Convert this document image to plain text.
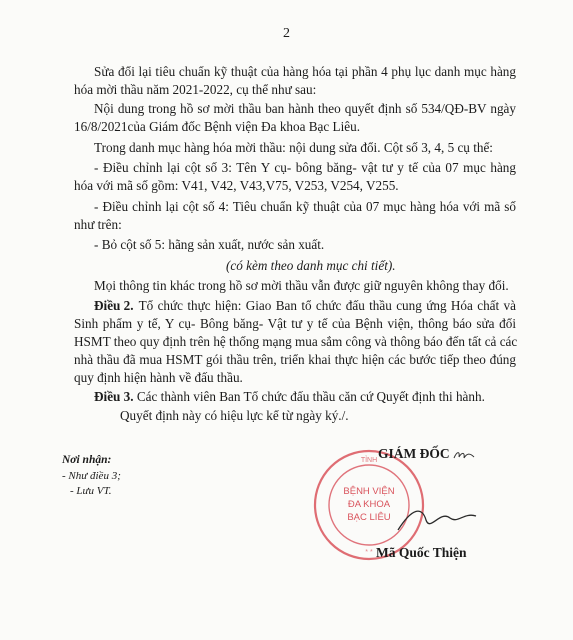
2
Sửa đổi lại tiêu chuẩn kỹ thuật của hàng hóa tại phần 4 phụ lục danh mục hàng
hóa mời thầu năm 2021-2022, cụ thể như sau:
Nội dung trong hồ sơ mời thầu ban hành theo quyết định số 534/QĐ-BV ngày
16/8/2021của Giám đốc Bệnh viện Đa khoa Bạc Liêu.
Trong danh mục hàng hóa mời thầu: nội dung sửa đổi. Cột số 3, 4, 5 cụ thể:
- Điều chỉnh lại cột số 3: Tên Y cụ- bông băng- vật tư y tế của 07 mục hàng
hóa với mã số gồm: V41, V42, V43,V75, V253, V254, V255.
- Điều chỉnh lại cột số 4: Tiêu chuẩn kỹ thuật của 07 mục hàng hóa với mã số
như trên:
- Bỏ cột số 5: hãng sản xuất, nước sản xuất.
(có kèm theo danh mục chi tiết).
Mọi thông tin khác trong hồ sơ mời thầu vẫn được giữ nguyên không thay đổi.
Điều 2. Tổ chức thực hiện: Giao Ban tổ chức đấu thầu cung ứng Hóa chất và
Sinh phẩm y tế, Y cụ- Bông băng- Vật tư y tế của Bệnh viện, thông báo sửa đổi
HSMT theo quy định trên hệ thống mạng mua sắm công và thông báo đến tất cả các
nhà thầu đã mua HSMT gói thầu trên, triển khai thực hiện các bước tiếp theo đúng
quy định hiện hành về đấu thầu.
Điều 3. Các thành viên Ban Tổ chức đấu thầu căn cứ Quyết định thi hành.
Quyết định này có hiệu lực kể từ ngày ký./.
Nơi nhận:
- Như điều 3;
- Lưu VT.
TỈNH
BỆNH VIỆN
ĐA KHOA
BẠC LIÊU
* *
GIÁM ĐỐC
Mã Quốc Thiện
